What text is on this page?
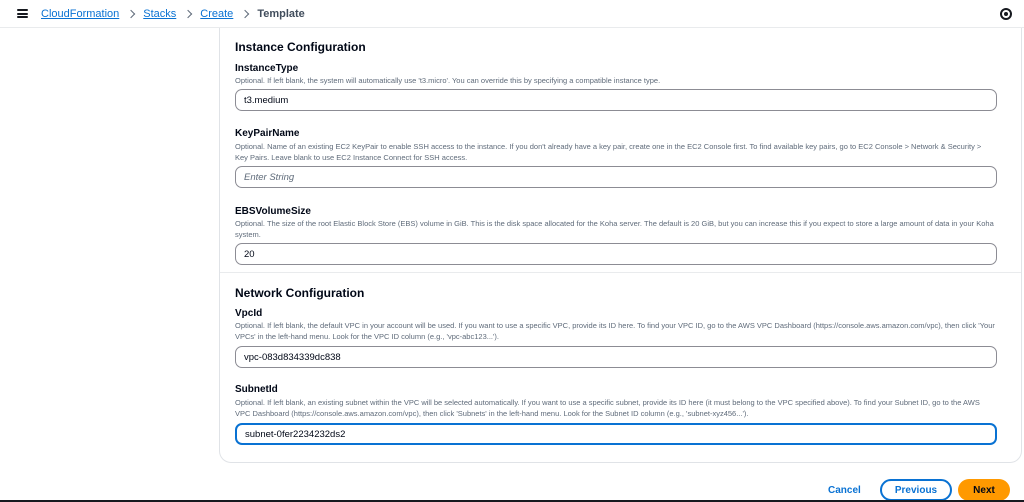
CloudFormation Stacks Create Template
Instance Configuration
InstanceType
Optional. If left blank, the system will automatically use 't3.micro'. You can override this by specifying a compatible instance type.
t3.medium
KeyPairName
Optional. Name of an existing EC2 KeyPair to enable SSH access to the instance. If you don't already have a key pair, create one in the EC2 Console first. To find available key pairs, go to EC2 Console > Network & Security > Key Pairs. Leave blank to use EC2 Instance Connect for SSH access.
Enter String
EBSVolumeSize
Optional. The size of the root Elastic Block Store (EBS) volume in GiB. This is the disk space allocated for the Koha server. The default is 20 GiB, but you can increase this if you expect to store a large amount of data in your Koha system.
20
Network Configuration
VpcId
Optional. If left blank, the default VPC in your account will be used. If you want to use a specific VPC, provide its ID here. To find your VPC ID, go to the AWS VPC Dashboard (https://console.aws.amazon.com/vpc), then click 'Your VPCs' in the left-hand menu. Look for the VPC ID column (e.g., 'vpc-abc123...').
vpc-083d834339dc838
SubnetId
Optional. If left blank, an existing subnet within the VPC will be selected automatically. If you want to use a specific subnet, provide its ID here (it must belong to the VPC specified above). To find your Subnet ID, go to the AWS VPC Dashboard (https://console.aws.amazon.com/vpc), then click 'Subnets' in the left-hand menu. Look for the Subnet ID column (e.g., 'subnet-xyz456...').
subnet-0fer2234232ds2
Cancel	Previous	Next
